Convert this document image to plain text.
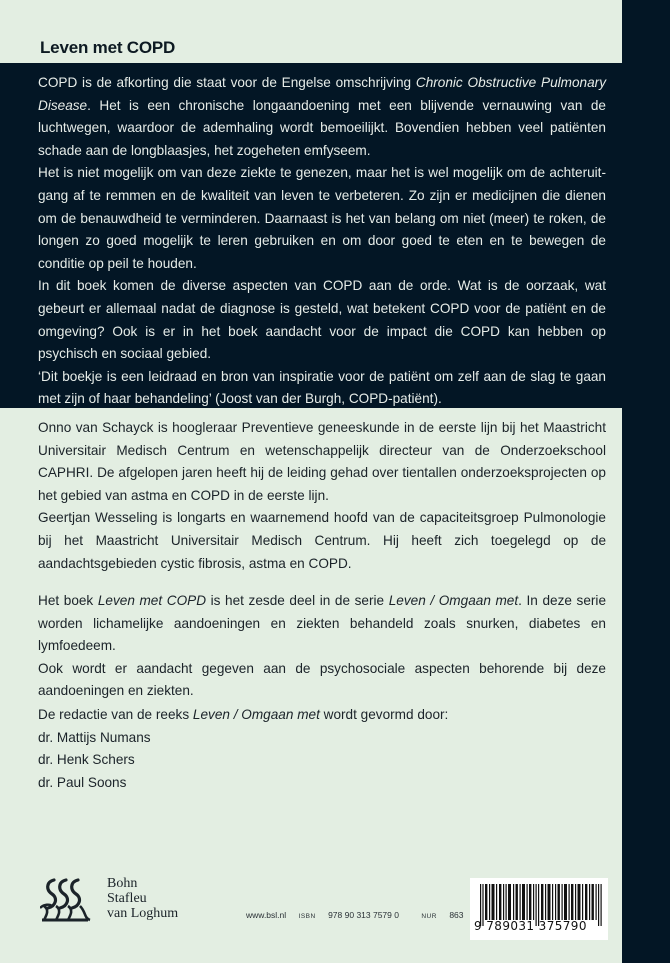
Leven met COPD

COPD is de afkorting die staat voor de Engelse omschrijving Chronic Obstructive Pulmonary Disease. Het is een chronische longaandoening met een blijvende vernauwing van de luchtwegen, waardoor de ademhaling wordt bemoeilijkt. Bovendien hebben veel patiënten schade aan de longblaasjes, het zogeheten emfyseem.

Het is niet mogelijk om van deze ziekte te genezen, maar het is wel mogelijk om de achteruit-gang af te remmen en de kwaliteit van leven te verbeteren. Zo zijn er medicijnen die dienen om de benauwdheid te verminderen. Daarnaast is het van belang om niet (meer) te roken, de longen zo goed mogelijk te leren gebruiken en om door goed te eten en te bewegen de conditie op peil te houden.

In dit boek komen de diverse aspecten van COPD aan de orde. Wat is de oorzaak, wat gebeurt er allemaal nadat de diagnose is gesteld, wat betekent COPD voor de patiënt en de omgeving? Ook is er in het boek aandacht voor de impact die COPD kan hebben op psychisch en sociaal gebied.

‘Dit boekje is een leidraad en bron van inspiratie voor de patiënt om zelf aan de slag te gaan met zijn of haar behandeling’ (Joost van der Burgh, COPD-patiënt).

Onno van Schayck is hoogleraar Preventieve geneeskunde in de eerste lijn bij het Maastricht Universitair Medisch Centrum en wetenschappelijk directeur van de Onderzoekschool CAPHRI. De afgelopen jaren heeft hij de leiding gehad over tientallen onderzoeksprojecten op het gebied van astma en COPD in de eerste lijn.

Geertjan Wesseling is longarts en waarnemend hoofd van de capaciteitsgroep Pulmonologie bij het Maastricht Universitair Medisch Centrum. Hij heeft zich toegelegd op de aandachtsgebieden cystic fibrosis, astma en COPD.

Het boek Leven met COPD is het zesde deel in de serie Leven / Omgaan met. In deze serie worden lichamelijke aandoeningen en ziekten behandeld zoals snurken, diabetes en lymfoedeem.

Ook wordt er aandacht gegeven aan de psychosociale aspecten behorende bij deze aandoeningen en ziekten.

De redactie van de reeks Leven / Omgaan met wordt gevormd door:
dr. Mattijs Numans
dr. Henk Schers
dr. Paul Soons
Bohn
Stafleu
van Loghum	www.bsl.nl ISBN 978 90 313 7579 0	NUR 863
9 789031 375790
